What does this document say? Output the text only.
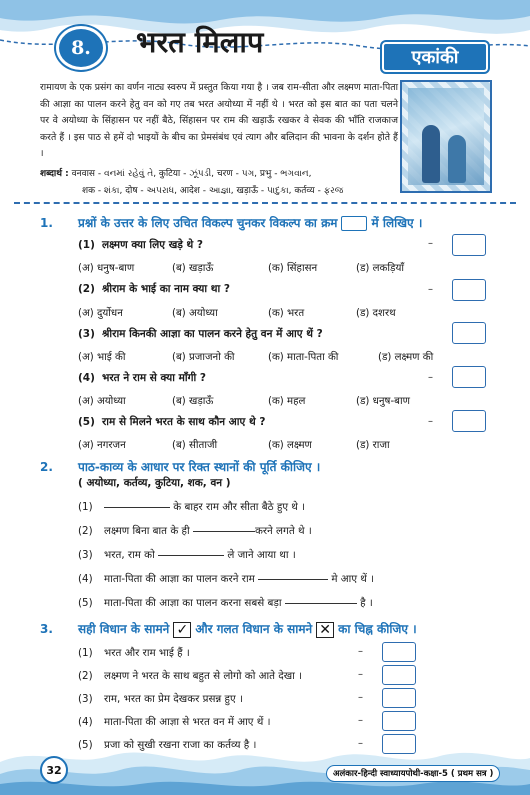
8.	भरत मिलाप	एकांकी

रामायण के एक प्रसंग का वर्णन नाट्य स्वरुप में प्रस्तुत किया गया है । जब राम-सीता और लक्ष्मण माता-पिता की आज्ञा का पालन करने हेतु वन को गए तब भरत अयोध्या में नहीं थे । भरत को इस बात का पता चलने पर वे अयोध्या के सिंहासन पर नहीं बैठे, सिंहासन पर राम की खड़ाऊँ रखकर वे सेवक की भाँति राजकाज करते हैं । इस पाठ से हमें दो भाइयों के बीच का प्रेमसंबंध एवं त्याग और बलिदान की भावना के दर्शन होते हैं ।

शब्दार्थ : वनवास - વનમાં રહેવું તે, कुटिया - ઝૂંપડી, चरण - પગ, प्रभु - ભગવાન,
शक - શંકા, दोष - અપરાધ, आदेश - આજ્ઞા, खड़ाऊँ - પાદુકા, कर्तव्य - ફરજ
1. प्रश्नों के उत्तर के लिए उचित विकल्प चुनकर विकल्प का क्रम	में लिखिए ।
(1) लक्ष्मण क्या लिए खड़े थे ?	–
(अ) धनुष-बाण	(ब) खड़ाऊँ	(क) सिंहासन	(ड) लकड़ियाँ
(2) श्रीराम के भाई का नाम क्या था ?	–
(अ) दुर्योधन	(ब) अयोध्या	(क) भरत	(ड) दशरथ
(3) श्रीराम किनकी आज्ञा का पालन करने हेतु वन में आए थें ?
(अ) भाई की	(ब) प्रजाजनो की	(क) माता-पिता की	(ड) लक्ष्मण की
(4) भरत ने राम से क्या माँगी ?	–
(अ) अयोध्या	(ब) खड़ाऊँ	(क) महल	(ड) धनुष-बाण
(5) राम से मिलने भरत के साथ कौन आए थे ?	–
(अ) नगरजन	(ब) सीताजी	(क) लक्ष्मण	(ड) राजा
2. पाठ-काव्य के आधार पर रिक्त स्थानों की पूर्ति कीजिए ।
( अयोध्या, कर्तव्य, कुटिया, शक, वन )
(1)	के बाहर राम और सीता बैठे हुए थे ।
(2) लक्ष्मण बिना बात के ही	करने लगते थे ।
(3) भरत, राम को	ले जाने आया था ।
(4) माता-पिता की आज्ञा का पालन करने राम	मे आए थें ।
(5) माता-पिता की आज्ञा का पालन करना सबसे बड़ा	है ।
3. सही विधान के सामने ✓ और गलत विधान के सामने ✕ का चिह्न कीजिए ।
(1) भरत और राम भाई हैं ।	–
(2) लक्ष्मण ने भरत के साथ बहुत से लोगो को आते देखा ।	–
(3) राम, भरत का प्रेम देखकर प्रसन्न हुए ।	–
(4) माता-पिता की आज्ञा से भरत वन में आए थें ।	–
(5) प्रजा को सुखी रखना राजा का कर्तव्य है ।	–
32	अलंकार-हिन्दी स्वाध्यायपोथी-कक्षा-5 ( प्रथम सत्र )
